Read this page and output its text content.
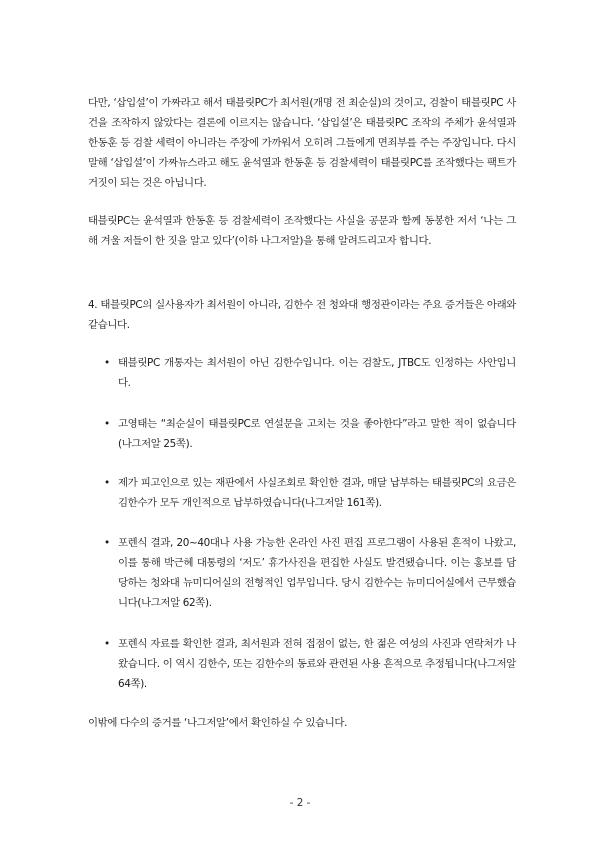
다만, ‘삽입설’이 가짜라고 해서 태블릿PC가 최서원(개명 전 최순실)의 것이고, 검찰이 태블릿PC 사건을 조작하지 않았다는 결론에 이르지는 않습니다. ‘삽입설’은 태블릿PC 조작의 주체가 윤석열과 한동훈 등 검찰 세력이 아니라는 주장에 가까워서 오히려 그들에게 면죄부를 주는 주장입니다. 다시 말해 ‘삽입설’이 가짜뉴스라고 해도 윤석열과 한동훈 등 검찰세력이 태블릿PC를 조작했다는 팩트가 거짓이 되는 것은 아닙니다.

태블릿PC는 윤석열과 한동훈 등 검찰세력이 조작했다는 사실을 공문과 함께 동봉한 저서 ‘나는 그해 겨울 저들이 한 짓을 알고 있다’(이하 나그저알)을 통해 알려드리고자 합니다.

4. 태블릿PC의 실사용자가 최서원이 아니라, 김한수 전 청와대 행정관이라는 주요 증거들은 아래와 같습니다.

• 태블릿PC 개통자는 최서원이 아닌 김한수입니다. 이는 검찰도, JTBC도 인정하는 사안입니다.
• 고영태는 “최순실이 태블릿PC로 연설문을 고치는 것을 좋아한다”라고 말한 적이 없습니다(나그저알 25쪽).
• 제가 피고인으로 있는 재판에서 사실조회로 확인한 결과, 매달 납부하는 태블릿PC의 요금은 김한수가 모두 개인적으로 납부하였습니다(나그저알 161쪽).
• 포렌식 결과, 20~40대나 사용 가능한 온라인 사진 편집 프로그램이 사용된 흔적이 나왔고, 이를 통해 박근혜 대통령의 ‘저도’ 휴가사진을 편집한 사실도 발견됐습니다. 이는 홍보를 담당하는 청와대 뉴미디어실의 전형적인 업무입니다. 당시 김한수는 뉴미디어실에서 근무했습니다(나그저알 62쪽).
• 포렌식 자료를 확인한 결과, 최서원과 전혀 접점이 없는, 한 젊은 여성의 사진과 연락처가 나왔습니다. 이 역시 김한수, 또는 김한수의 동료와 관련된 사용 흔적으로 추정됩니다(나그저알 64쪽).

이밖에 다수의 증거를 ‘나그저알’에서 확인하실 수 있습니다.

- 2 -
